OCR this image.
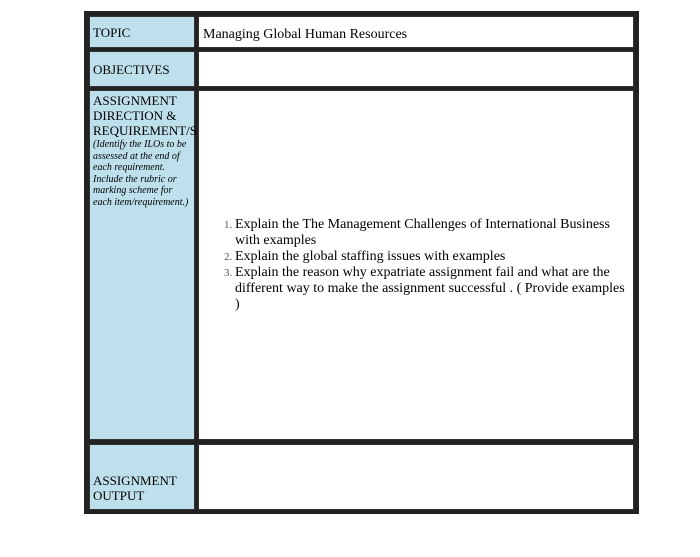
TOPIC	Managing Global Human Resources
OBJECTIVES
ASSIGNMENT
DIRECTION &
REQUIREMENT/S
(Identify the ILOs to be
assessed at the end of
each requirement.
Include the rubric or
marking scheme for
each item/requirement.)
1. Explain the The Management Challenges of International Business with examples
2. Explain the global staffing issues with examples
3. Explain the reason why expatriate assignment fail and what are the different way to make the assignment successful . ( Provide examples )
ASSIGNMENT
OUTPUT
